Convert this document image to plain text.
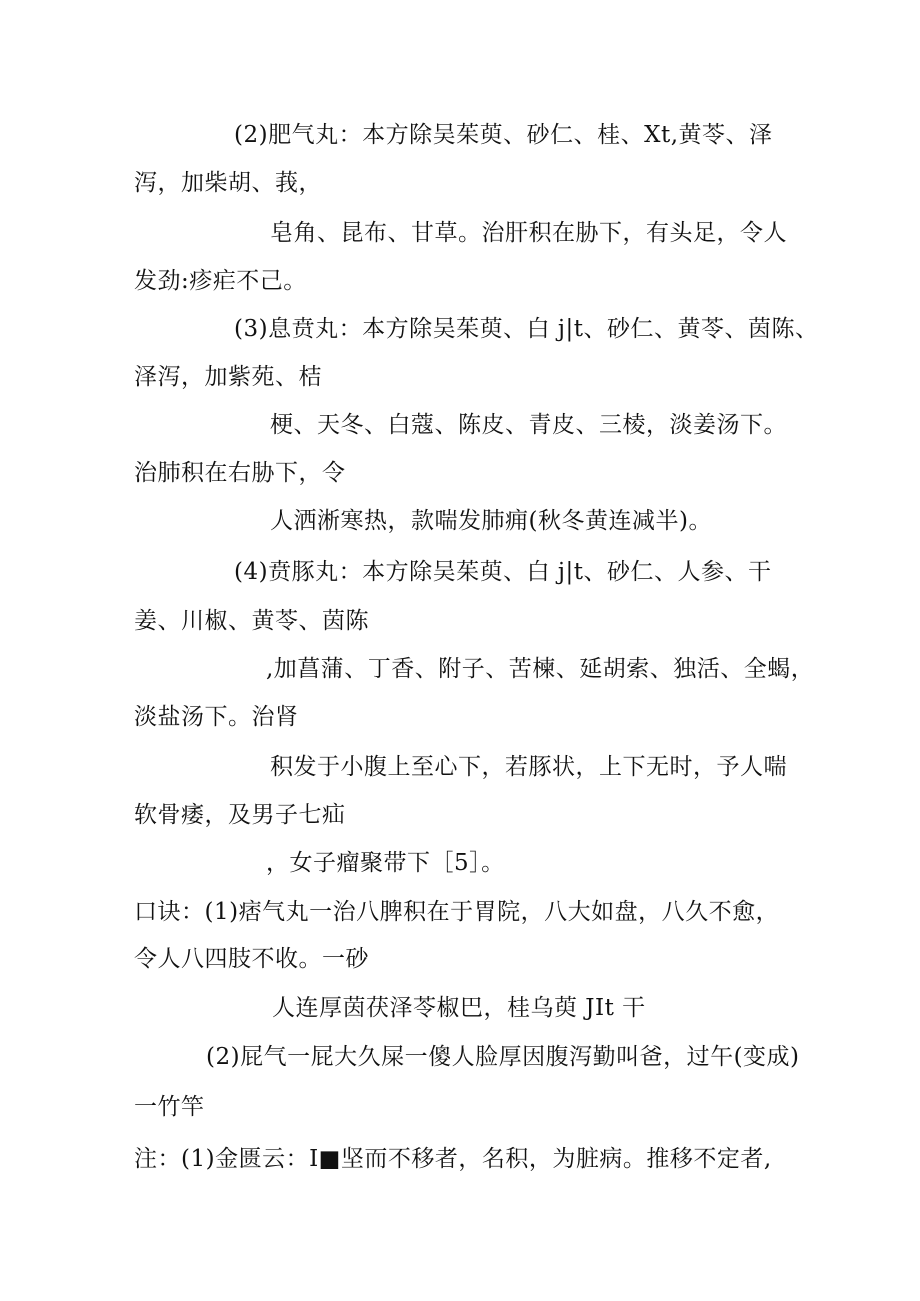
(2)肥气丸：本方除吴茱萸、砂仁、桂、Xt,黄苓、泽
泻，加柴胡、莪，
皂角、昆布、甘草。治肝积在胁下，有头足，令人
发劲:疹疟不己。
(3)息贲丸：本方除吴茱萸、白 j|t、砂仁、黄苓、茵陈、
泽泻，加紫苑、桔
梗、天冬、白蔻、陈皮、青皮、三棱，淡姜汤下。
治肺积在右胁下，令
人洒淅寒热，款喘发肺痈(秋冬黄连减半)。
(4)贲豚丸：本方除吴茱萸、白 j|t、砂仁、人参、干
姜、川椒、黄苓、茵陈
,加菖蒲、丁香、附子、苦楝、延胡索、独活、全蝎，
淡盐汤下。治肾
积发于小腹上至心下，若豚状，上下无时，予人喘
软骨痿，及男子七疝
，女子瘤聚带下［5］。
口诀：(1)痞气丸一治八脾积在于胃院，八大如盘，八久不愈，
令人八四肢不收。一砂
人连厚茵茯泽苓椒巴，桂乌萸 JIt 干
(2)屁气一屁大久屎一傻人脸厚因腹泻勤叫爸，过午(变成)
一竹竿
注：(1)金匮云：I■坚而不移者，名积，为脏病。推移不定者,
